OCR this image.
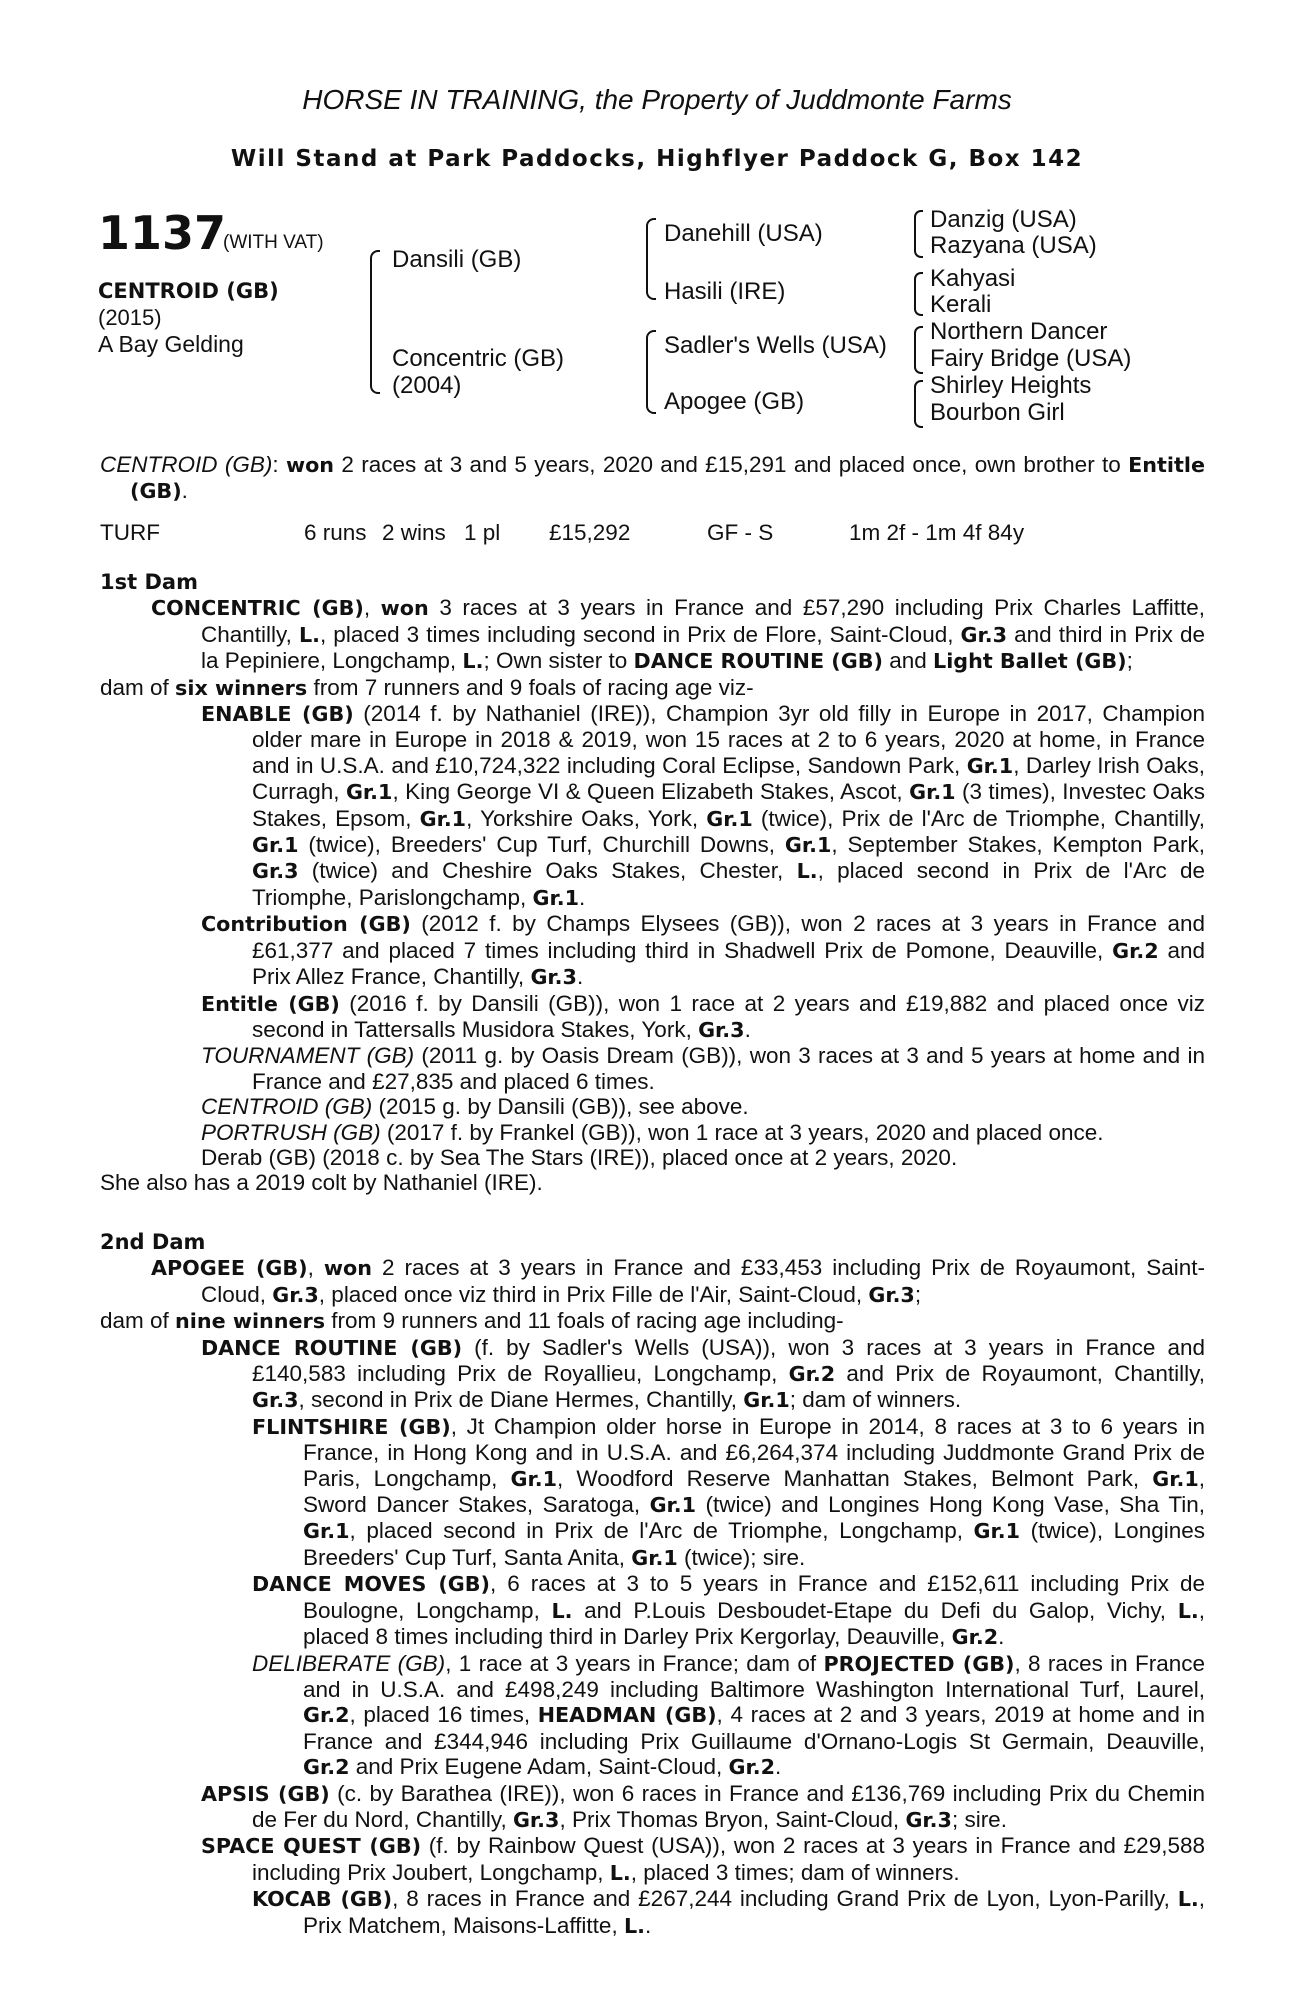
HORSE IN TRAINING, the Property of Juddmonte Farms
Will Stand at Park Paddocks, Highflyer Paddock G, Box 142
1137
(WITH VAT)
CENTROID (GB)
(2015)
A Bay Gelding
Dansili (GB)
Concentric (GB)
(2004)
Danehill (USA)
Hasili (IRE)
Sadler's Wells (USA)
Apogee (GB)
Danzig (USA)
Razyana (USA)
Kahyasi
Kerali
Northern Dancer
Fairy Bridge (USA)
Shirley Heights
Bourbon Girl

CENTROID (GB): won 2 races at 3 and 5 years, 2020 and £15,291 and placed once, own brother to Entitle (GB).

TURF	6 runs 2 wins 1 pl £15,292	GF - S	1m 2f - 1m 4f 84y
1st Dam

CONCENTRIC (GB), won 3 races at 3 years in France and £57,290 including Prix Charles Laffitte, Chantilly, L., placed 3 times including second in Prix de Flore, Saint-Cloud, Gr.3 and third in Prix de la Pepiniere, Longchamp, L.; Own sister to DANCE ROUTINE (GB) and Light Ballet (GB);

dam of six winners from 7 runners and 9 foals of racing age viz-

ENABLE (GB) (2014 f. by Nathaniel (IRE)), Champion 3yr old filly in Europe in 2017, Champion older mare in Europe in 2018 & 2019, won 15 races at 2 to 6 years, 2020 at home, in France and in U.S.A. and £10,724,322 including Coral Eclipse, Sandown Park, Gr.1, Darley Irish Oaks, Curragh, Gr.1, King George VI & Queen Elizabeth Stakes, Ascot, Gr.1 (3 times), Investec Oaks Stakes, Epsom, Gr.1, Yorkshire Oaks, York, Gr.1 (twice), Prix de l'Arc de Triomphe, Chantilly, Gr.1 (twice), Breeders' Cup Turf, Churchill Downs, Gr.1, September Stakes, Kempton Park, Gr.3 (twice) and Cheshire Oaks Stakes, Chester, L., placed second in Prix de l'Arc de Triomphe, Parislongchamp, Gr.1.

Contribution (GB) (2012 f. by Champs Elysees (GB)), won 2 races at 3 years in France and £61,377 and placed 7 times including third in Shadwell Prix de Pomone, Deauville, Gr.2 and Prix Allez France, Chantilly, Gr.3.

Entitle (GB) (2016 f. by Dansili (GB)), won 1 race at 2 years and £19,882 and placed once viz second in Tattersalls Musidora Stakes, York, Gr.3.

TOURNAMENT (GB) (2011 g. by Oasis Dream (GB)), won 3 races at 3 and 5 years at home and in France and £27,835 and placed 6 times.

CENTROID (GB) (2015 g. by Dansili (GB)), see above.

PORTRUSH (GB) (2017 f. by Frankel (GB)), won 1 race at 3 years, 2020 and placed once.

Derab (GB) (2018 c. by Sea The Stars (IRE)), placed once at 2 years, 2020.

She also has a 2019 colt by Nathaniel (IRE).

2nd Dam

APOGEE (GB), won 2 races at 3 years in France and £33,453 including Prix de Royaumont, Saint-Cloud, Gr.3, placed once viz third in Prix Fille de l'Air, Saint-Cloud, Gr.3;

dam of nine winners from 9 runners and 11 foals of racing age including-

DANCE ROUTINE (GB) (f. by Sadler's Wells (USA)), won 3 races at 3 years in France and £140,583 including Prix de Royallieu, Longchamp, Gr.2 and Prix de Royaumont, Chantilly, Gr.3, second in Prix de Diane Hermes, Chantilly, Gr.1; dam of winners.

FLINTSHIRE (GB), Jt Champion older horse in Europe in 2014, 8 races at 3 to 6 years in France, in Hong Kong and in U.S.A. and £6,264,374 including Juddmonte Grand Prix de Paris, Longchamp, Gr.1, Woodford Reserve Manhattan Stakes, Belmont Park, Gr.1, Sword Dancer Stakes, Saratoga, Gr.1 (twice) and Longines Hong Kong Vase, Sha Tin, Gr.1, placed second in Prix de l'Arc de Triomphe, Longchamp, Gr.1 (twice), Longines Breeders' Cup Turf, Santa Anita, Gr.1 (twice); sire.

DANCE MOVES (GB), 6 races at 3 to 5 years in France and £152,611 including Prix de Boulogne, Longchamp, L. and P.Louis Desboudet-Etape du Defi du Galop, Vichy, L., placed 8 times including third in Darley Prix Kergorlay, Deauville, Gr.2.

DELIBERATE (GB), 1 race at 3 years in France; dam of PROJECTED (GB), 8 races in France and in U.S.A. and £498,249 including Baltimore Washington International Turf, Laurel, Gr.2, placed 16 times, HEADMAN (GB), 4 races at 2 and 3 years, 2019 at home and in France and £344,946 including Prix Guillaume d'Ornano-Logis St Germain, Deauville, Gr.2 and Prix Eugene Adam, Saint-Cloud, Gr.2.

APSIS (GB) (c. by Barathea (IRE)), won 6 races in France and £136,769 including Prix du Chemin de Fer du Nord, Chantilly, Gr.3, Prix Thomas Bryon, Saint-Cloud, Gr.3; sire.

SPACE QUEST (GB) (f. by Rainbow Quest (USA)), won 2 races at 3 years in France and £29,588 including Prix Joubert, Longchamp, L., placed 3 times; dam of winners.

KOCAB (GB), 8 races in France and £267,244 including Grand Prix de Lyon, Lyon-Parilly, L., Prix Matchem, Maisons-Laffitte, L..
